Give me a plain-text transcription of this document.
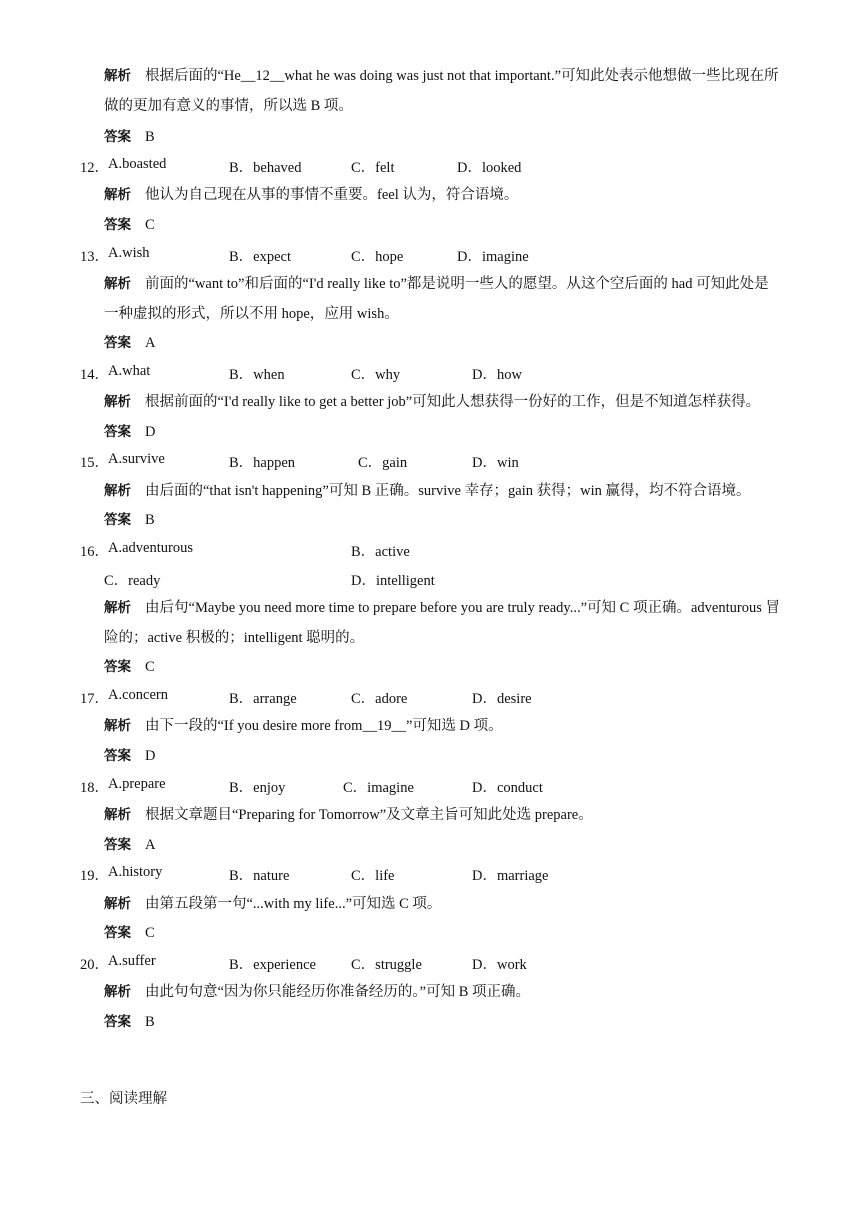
解析 根据后面的“He__12__what he was doing was just not that important.”可知此处表示他想做一些比现在所做的更加有意义的事情，所以选 B 项。
答案 B
12． A.boasted	B．behaved	C．felt	D．looked
解析 他认为自己现在从事的事情不重要。feel 认为，符合语境。
答案 C
13． A.wish	B．expect	C．hope	D．imagine
解析 前面的“want to”和后面的“I'd really like to”都是说明一些人的愿望。从这个空后面的 had 可知此处是一种虚拟的形式，所以不用 hope，应用 wish。
答案 A
14． A.what	B．when	C．why	D．how
解析 根据前面的“I'd really like to get a better job”可知此人想获得一份好的工作，但是不知道怎样获得。
答案 D
15． A.survive	B．happen	C．gain	D．win
解析 由后面的“that isn't happening”可知 B 正确。survive 幸存；gain 获得；win 赢得，均不符合语境。
答案 B
16． A.adventurous	B．active
C．ready	D．intelligent
解析 由后句“Maybe you need more time to prepare before you are truly ready...”可知 C 项正确。adventurous 冒险的；active 积极的；intelligent 聪明的。
答案 C
17． A.concern	B．arrange	C．adore	D．desire
解析 由下一段的“If you desire more from__19__”可知选 D 项。
答案 D
18． A.prepare	B．enjoy	C．imagine	D．conduct
解析 根据文章题目“Preparing for Tomorrow”及文章主旨可知此处选 prepare。
答案 A
19． A.history	B．nature	C．life	D．marriage
解析 由第五段第一句“...with my life...”可知选 C 项。
答案 C
20． A.suffer	B．experience C．struggle	D．work
解析 由此句句意“因为你只能经历你准备经历的。”可知 B 项正确。
答案 B
三、阅读理解
